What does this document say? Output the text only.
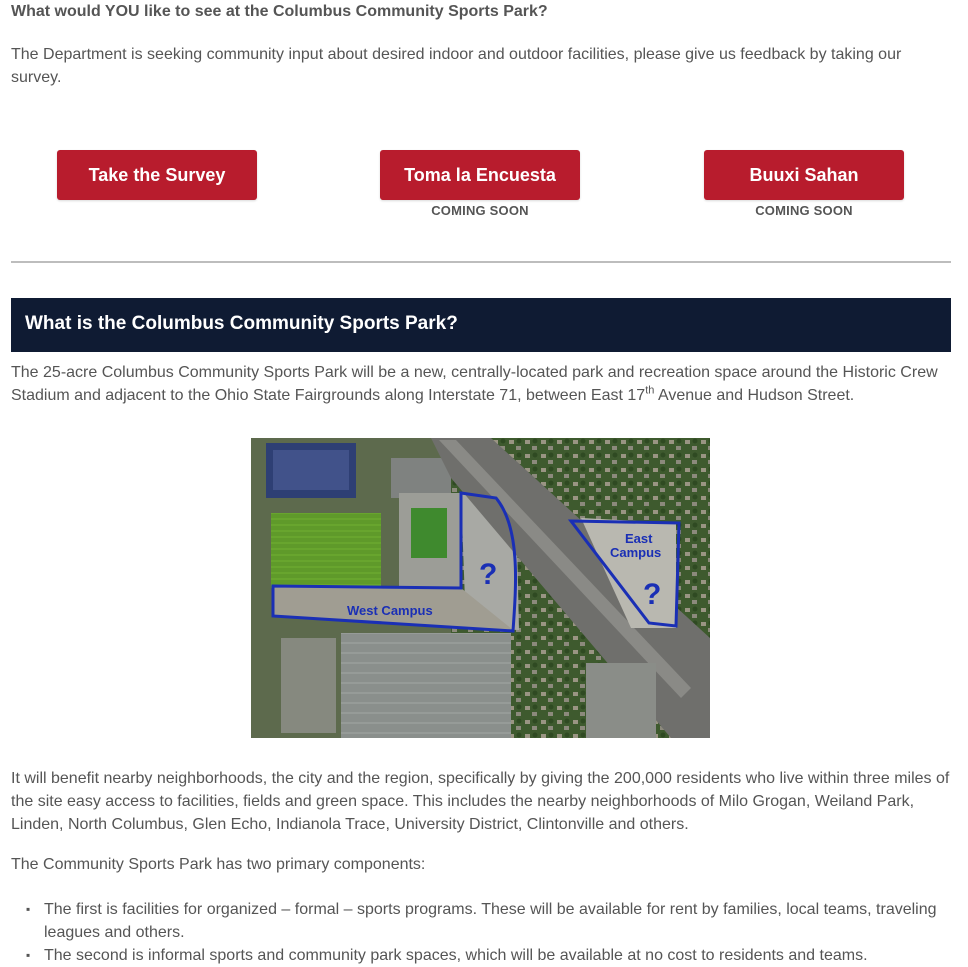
What would YOU like to see at the Columbus Community Sports Park?
The Department is seeking community input about desired indoor and outdoor facilities, please give us feedback by taking our survey.
Take the Survey	Toma la Encuesta
COMING SOON
Buuxi Sahan
COMING SOON
What is the Columbus Community Sports Park?
The 25-acre Columbus Community Sports Park will be a new, centrally-located park and recreation space around the Historic Crew Stadium and adjacent to the Ohio State Fairgrounds along Interstate 71, between East 17th Avenue and Hudson Street.
West Campus
East
Campus
?
?
It will benefit nearby neighborhoods, the city and the region, specifically by giving the 200,000 residents who live within three miles of the site easy access to facilities, fields and green space. This includes the nearby neighborhoods of Milo Grogan, Weiland Park, Linden, North Columbus, Glen Echo, Indianola Trace, University District, Clintonville and others.
The Community Sports Park has two primary components:
▪ The first is facilities for organized – formal – sports programs. These will be available for rent by families, local teams, traveling leagues and others.
▪ The second is informal sports and community park spaces, which will be available at no cost to residents and teams.
